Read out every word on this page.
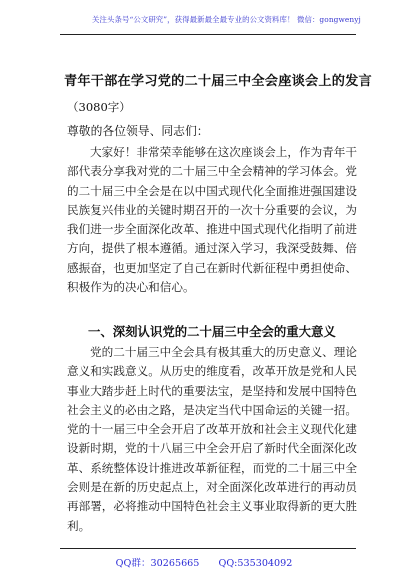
关注头条号“公文研究”，获得最新最全最专业的公文资料库！ 微信：gongwenyj
青年干部在学习党的二十届三中全会座谈会上的发言
（3080字）
尊敬的各位领导、同志们：
大家好！非常荣幸能够在这次座谈会上，作为青年干
部代表分享我对党的二十届三中全会精神的学习体会。党
的二十届三中全会是在以中国式现代化全面推进强国建设
民族复兴伟业的关键时期召开的一次十分重要的会议，为
我们进一步全面深化改革、推进中国式现代化指明了前进
方向，提供了根本遵循。通过深入学习，我深受鼓舞、倍
感振奋，也更加坚定了自己在新时代新征程中勇担使命、
积极作为的决心和信心。
一、深刻认识党的二十届三中全会的重大意义
党的二十届三中全会具有极其重大的历史意义、理论
意义和实践意义。从历史的维度看，改革开放是党和人民
事业大踏步赶上时代的重要法宝，是坚持和发展中国特色
社会主义的必由之路，是决定当代中国命运的关键一招。
党的十一届三中全会开启了改革开放和社会主义现代化建
设新时期，党的十八届三中全会开启了新时代全面深化改
革、系统整体设计推进改革新征程，而党的二十届三中全
会则是在新的历史起点上，对全面深化改革进行的再动员
再部署，必将推动中国特色社会主义事业取得新的更大胜
利。
QQ群：30265665 QQ:535304092
